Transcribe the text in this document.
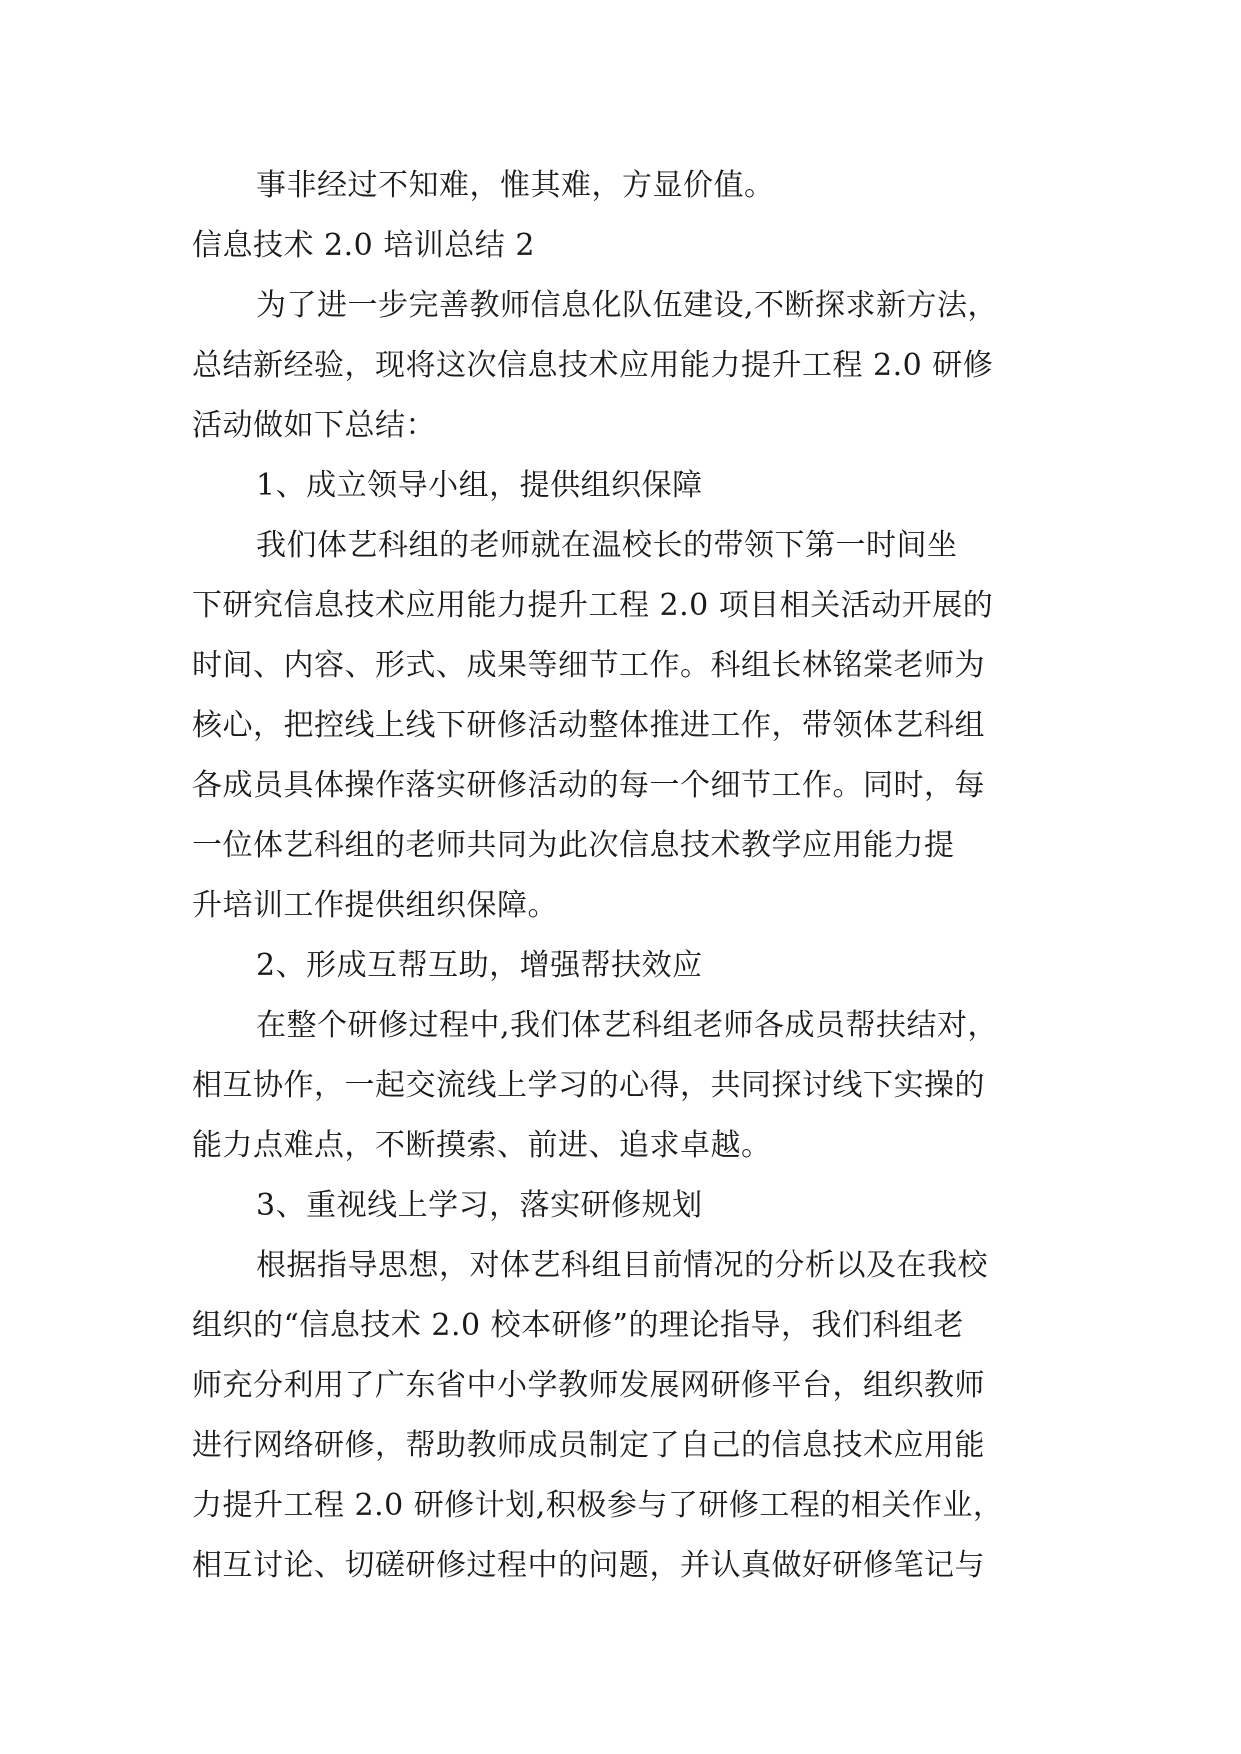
事非经过不知难，惟其难，方显价值。
信息技术 2.0 培训总结 2
为了进一步完善教师信息化队伍建设,不断探求新方法，
总结新经验，现将这次信息技术应用能力提升工程 2.0 研修
活动做如下总结：
1、成立领导小组，提供组织保障
我们体艺科组的老师就在温校长的带领下第一时间坐
下研究信息技术应用能力提升工程 2.0 项目相关活动开展的
时间、内容、形式、成果等细节工作。科组长林铭棠老师为
核心，把控线上线下研修活动整体推进工作，带领体艺科组
各成员具体操作落实研修活动的每一个细节工作。同时，每
一位体艺科组的老师共同为此次信息技术教学应用能力提
升培训工作提供组织保障。
2、形成互帮互助，增强帮扶效应
在整个研修过程中,我们体艺科组老师各成员帮扶结对，
相互协作，一起交流线上学习的心得，共同探讨线下实操的
能力点难点，不断摸索、前进、追求卓越。
3、重视线上学习，落实研修规划
根据指导思想，对体艺科组目前情况的分析以及在我校
组织的“信息技术 2.0 校本研修”的理论指导，我们科组老
师充分利用了广东省中小学教师发展网研修平台，组织教师
进行网络研修，帮助教师成员制定了自己的信息技术应用能
力提升工程 2.0 研修计划,积极参与了研修工程的相关作业，
相互讨论、切磋研修过程中的问题，并认真做好研修笔记与
